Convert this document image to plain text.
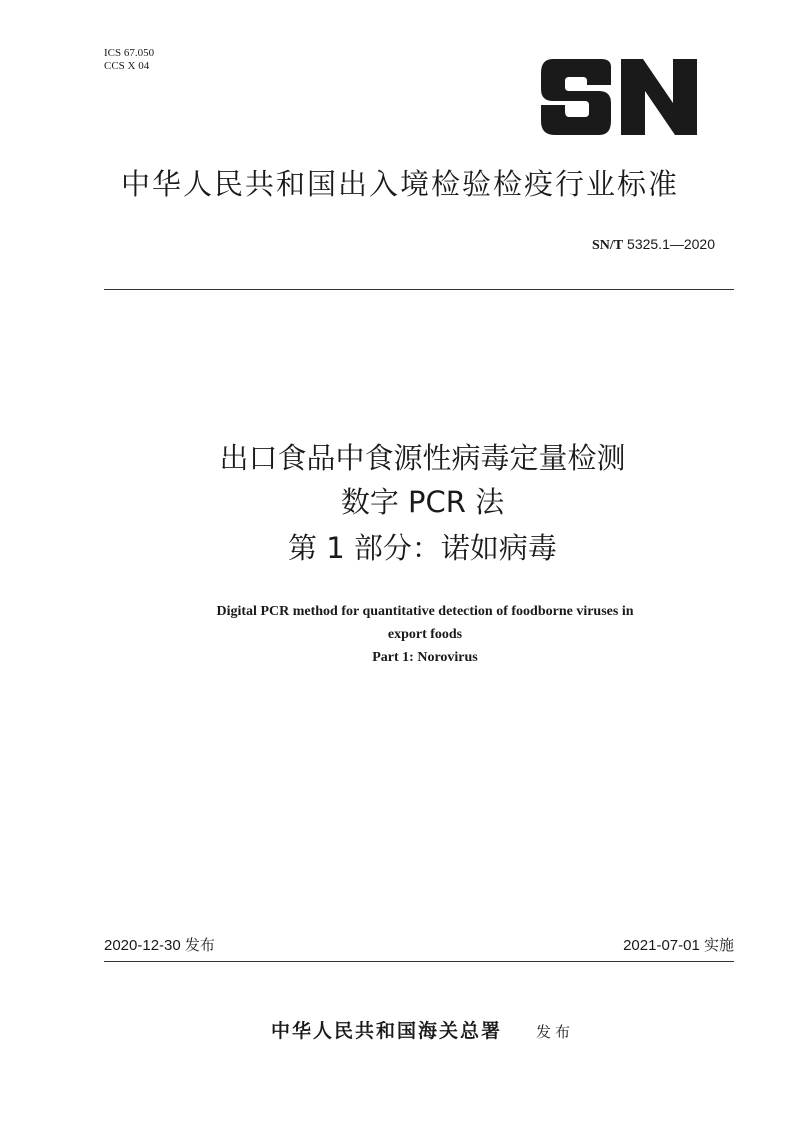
ICS 67.050
CCS X 04
中华人民共和国出入境检验检疫行业标准
SN/T 5325.1—2020
出口食品中食源性病毒定量检测
数字 PCR 法
第 1 部分：诺如病毒
Digital PCR method for quantitative detection of foodborne viruses in
export foods
Part 1: Norovirus
2020-12-30 发布	2021-07-01 实施
中华人民共和国海关总署 发布
